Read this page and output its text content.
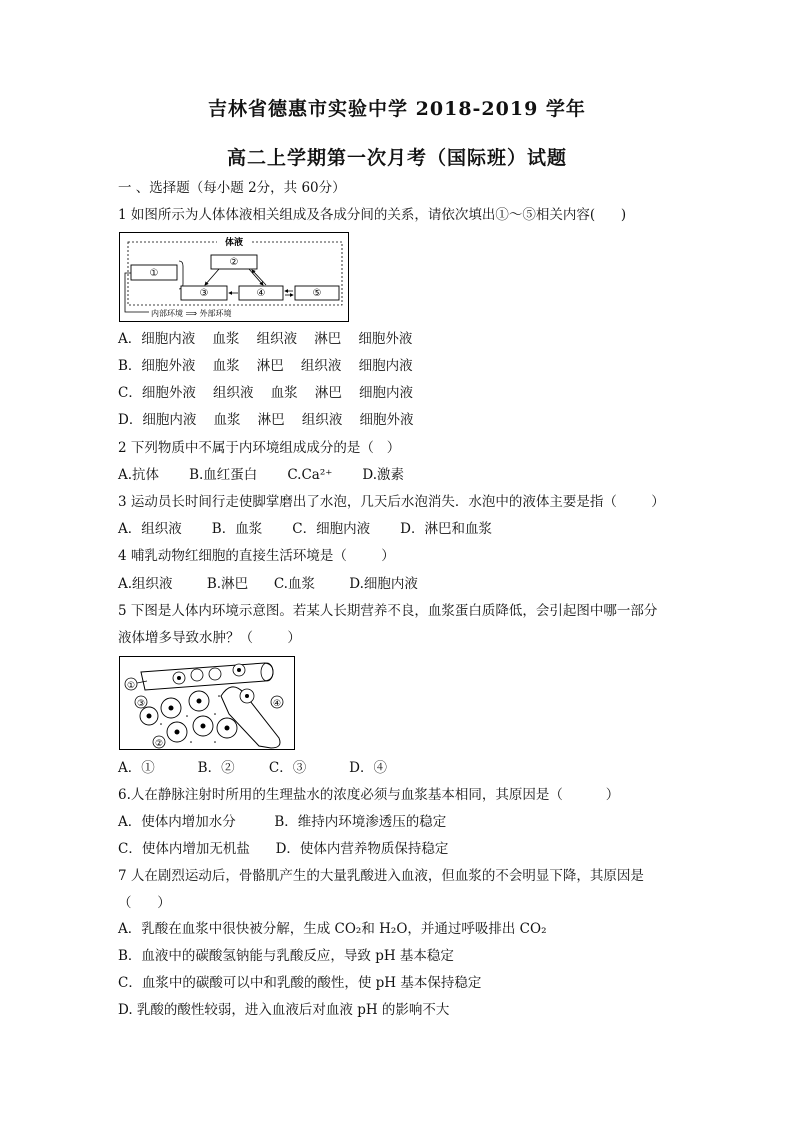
吉林省德惠市实验中学 2018-2019 学年
高二上学期第一次月考（国际班）试题
一 、选择题（每小题 2分，共 60分）
1 如图所示为人体体液相关组成及各成分间的关系，请依次填出①～⑤相关内容(      )
体液
①
②
③	④	⑤
内部环境 ⟹ 外部环境
A．细胞内液    血浆    组织液    淋巴    细胞外液
B．细胞外液    血浆    淋巴    组织液    细胞内液
C．细胞外液    组织液    血浆    淋巴    细胞内液
D．细胞内液    血浆    淋巴    组织液    细胞外液
2 下列物质中不属于内环境组成成分的是（   ）
A.抗体       B.血红蛋白       C.Ca²⁺       D.激素
3 运动员长时间行走使脚掌磨出了水泡，几天后水泡消失．水泡中的液体主要是指（        ）
A．组织液       B．血浆       C．细胞内液       D．淋巴和血浆
4 哺乳动物红细胞的直接生活环境是（        ）
A.组织液        B.淋巴      C.血浆        D.细胞内液
5 下图是人体内环境示意图。若某人长期营养不良，血浆蛋白质降低，会引起图中哪一部分
液体增多导致水肿？（        ）
①
③
②
④
A．①          B．②        C．③          D．④
6.人在静脉注射时所用的生理盐水的浓度必须与血浆基本相同，其原因是（          ）
A．使体内增加水分         B．维持内环境渗透压的稳定
C．使体内增加无机盐      D．使体内营养物质保持稳定
7 人在剧烈运动后，骨骼肌产生的大量乳酸进入血液，但血浆的不会明显下降，其原因是
（      ）
A．乳酸在血浆中很快被分解，生成 CO₂和 H₂O，并通过呼吸排出 CO₂
B．血液中的碳酸氢钠能与乳酸反应，导致 pH 基本稳定
C．血浆中的碳酸可以中和乳酸的酸性，使 pH 基本保持稳定
D. 乳酸的酸性较弱，进入血液后对血液 pH 的影响不大
